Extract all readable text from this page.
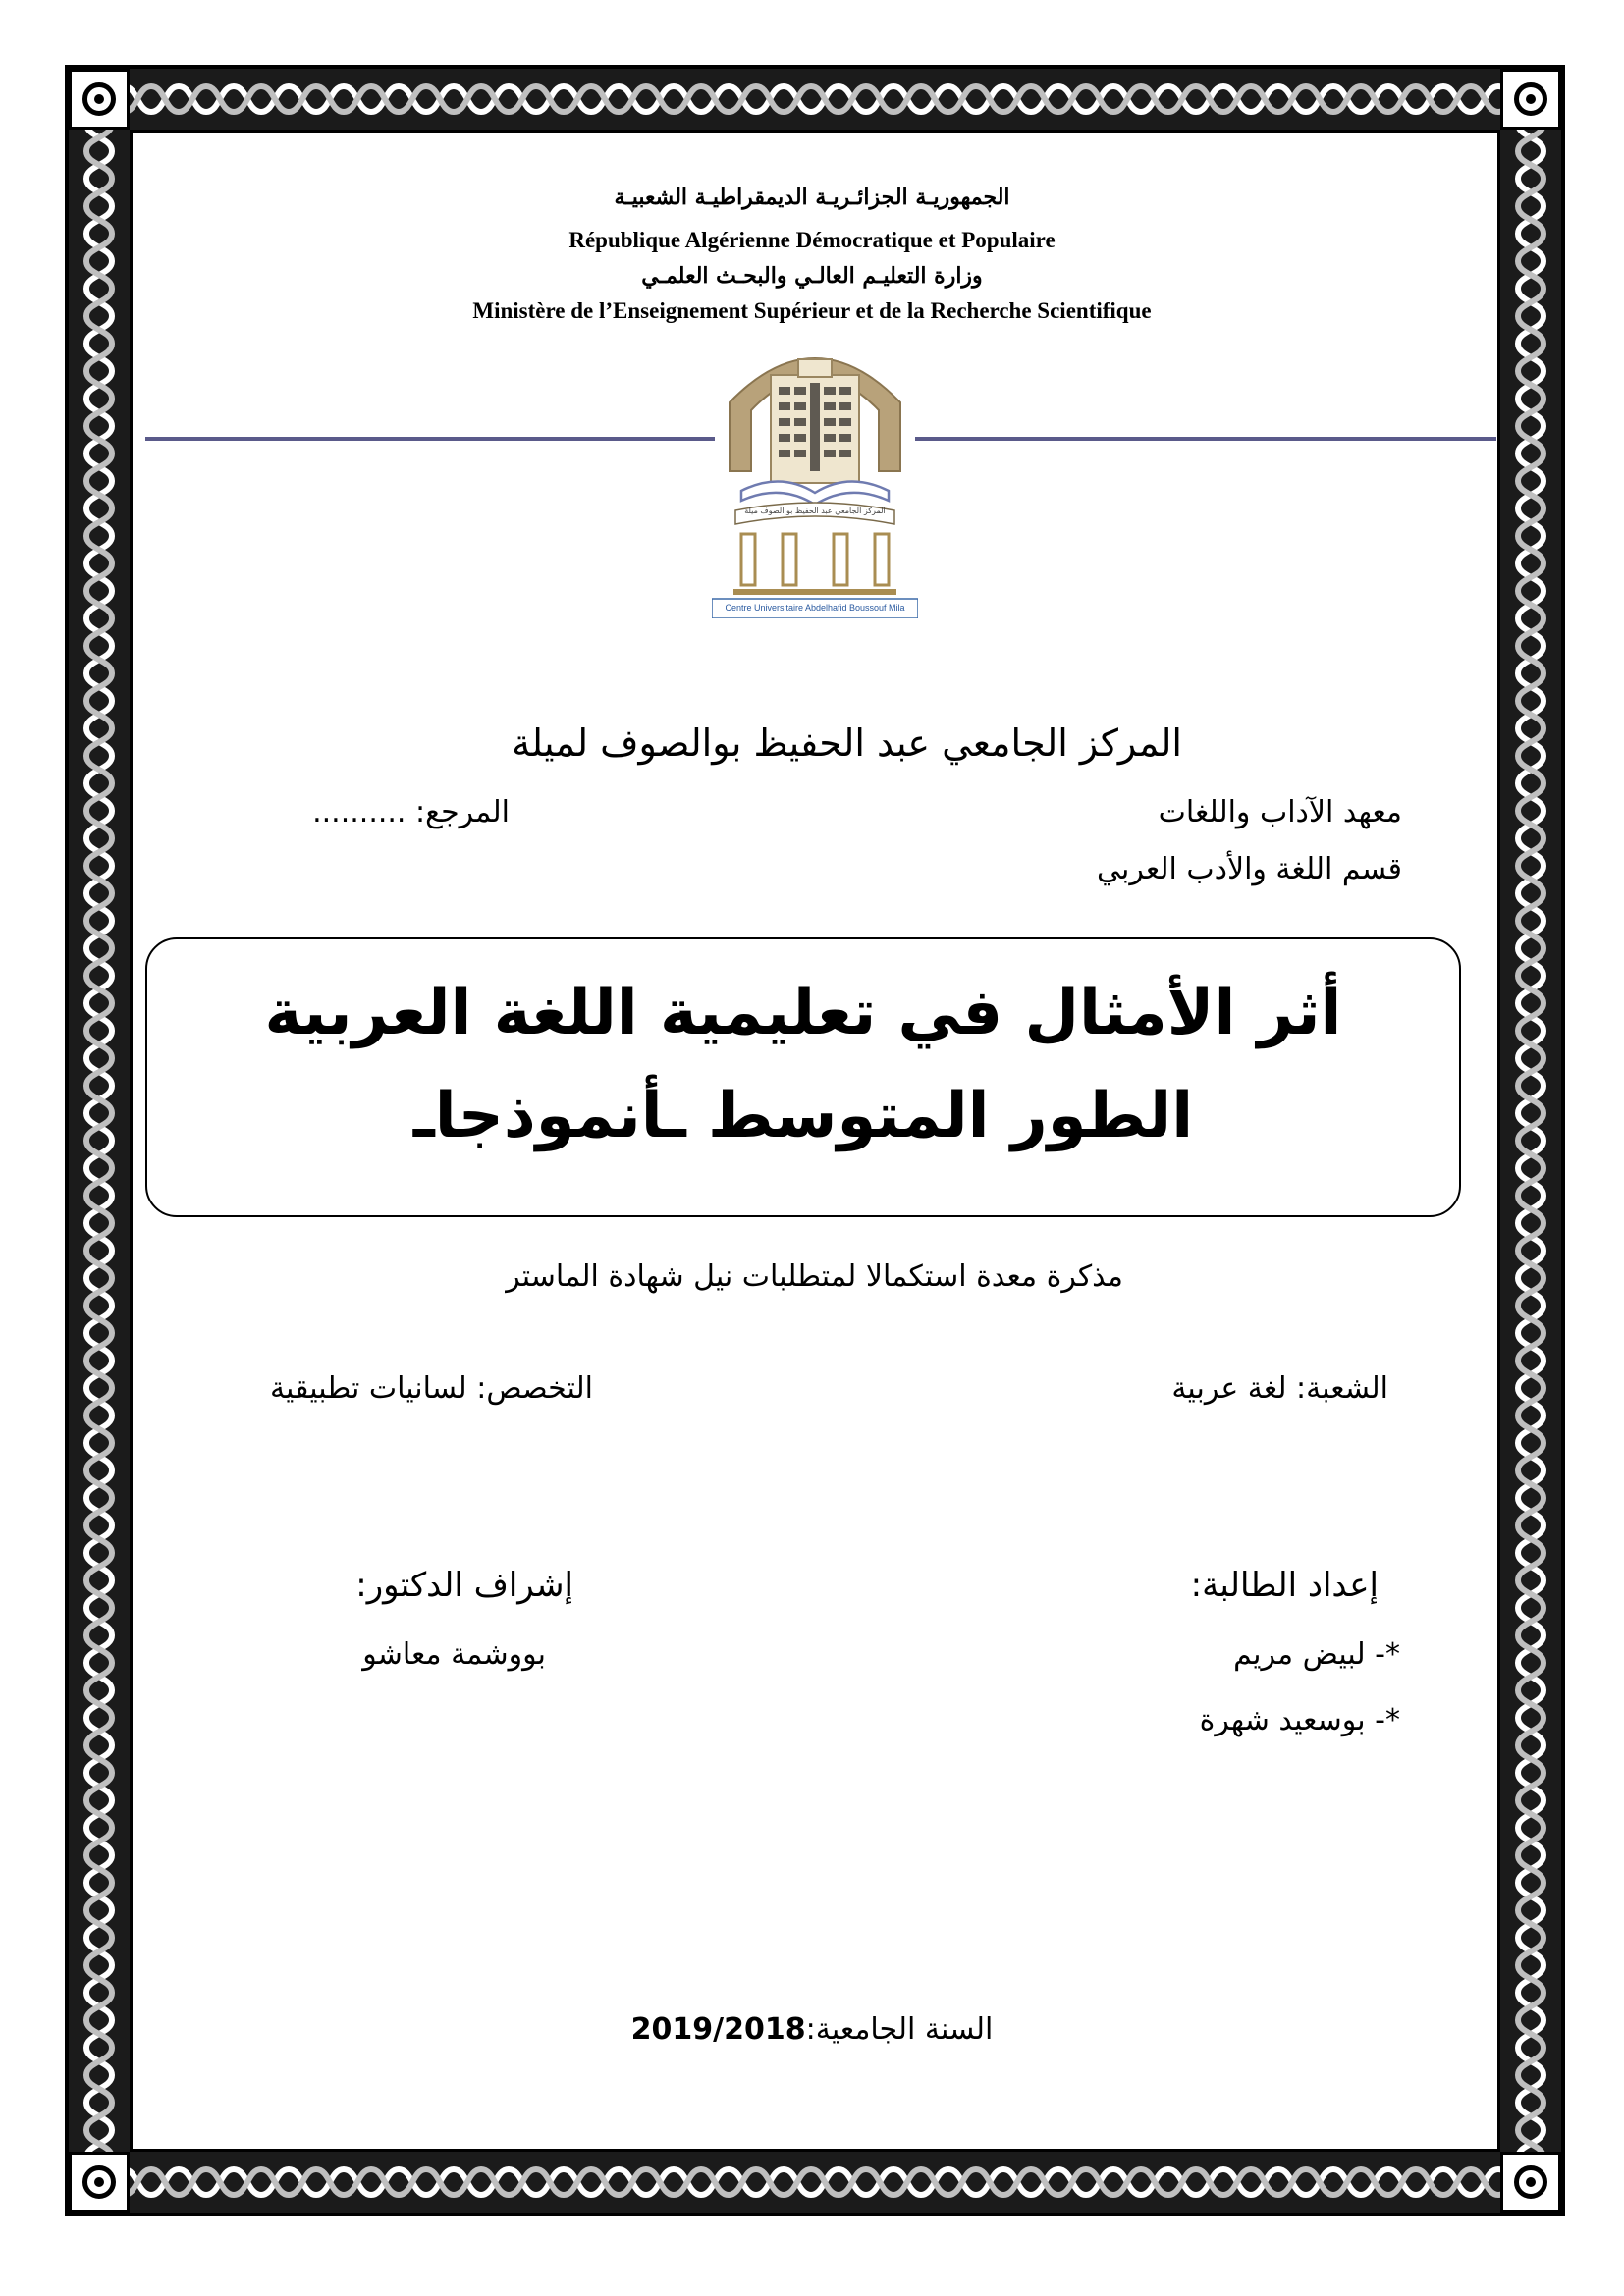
الجمهوريـة الجزائـريـة الديمقراطيـة الشعبيـة
République Algérienne Démocratique et Populaire
وزارة التعليـم العالـي والبحـث العلمـي
Ministère de l’Enseignement Supérieur et de la Recherche Scientifique
المركز الجامعي عبد الحفيظ بو الصوف ميلة
Centre Universitaire Abdelhafid Boussouf Mila
المركز الجامعي عبد الحفيظ بوالصوف لميلة
معهد الآداب واللغات
المرجع: ..........
قسم اللغة والأدب العربي
أثر الأمثال في تعليمية اللغة العربية
الطور المتوسط ـأنموذجاـ
مذكرة معدة استكمالا لمتطلبات نيل شهادة الماستر
الشعبة: لغة عربية
التخصص: لسانيات تطبيقية
إعداد الطالبة:
إشراف الدكتور:
*- لبيض مريم
بووشمة معاشو
*- بوسعيد شهرة
السنة الجامعية:2019/2018
